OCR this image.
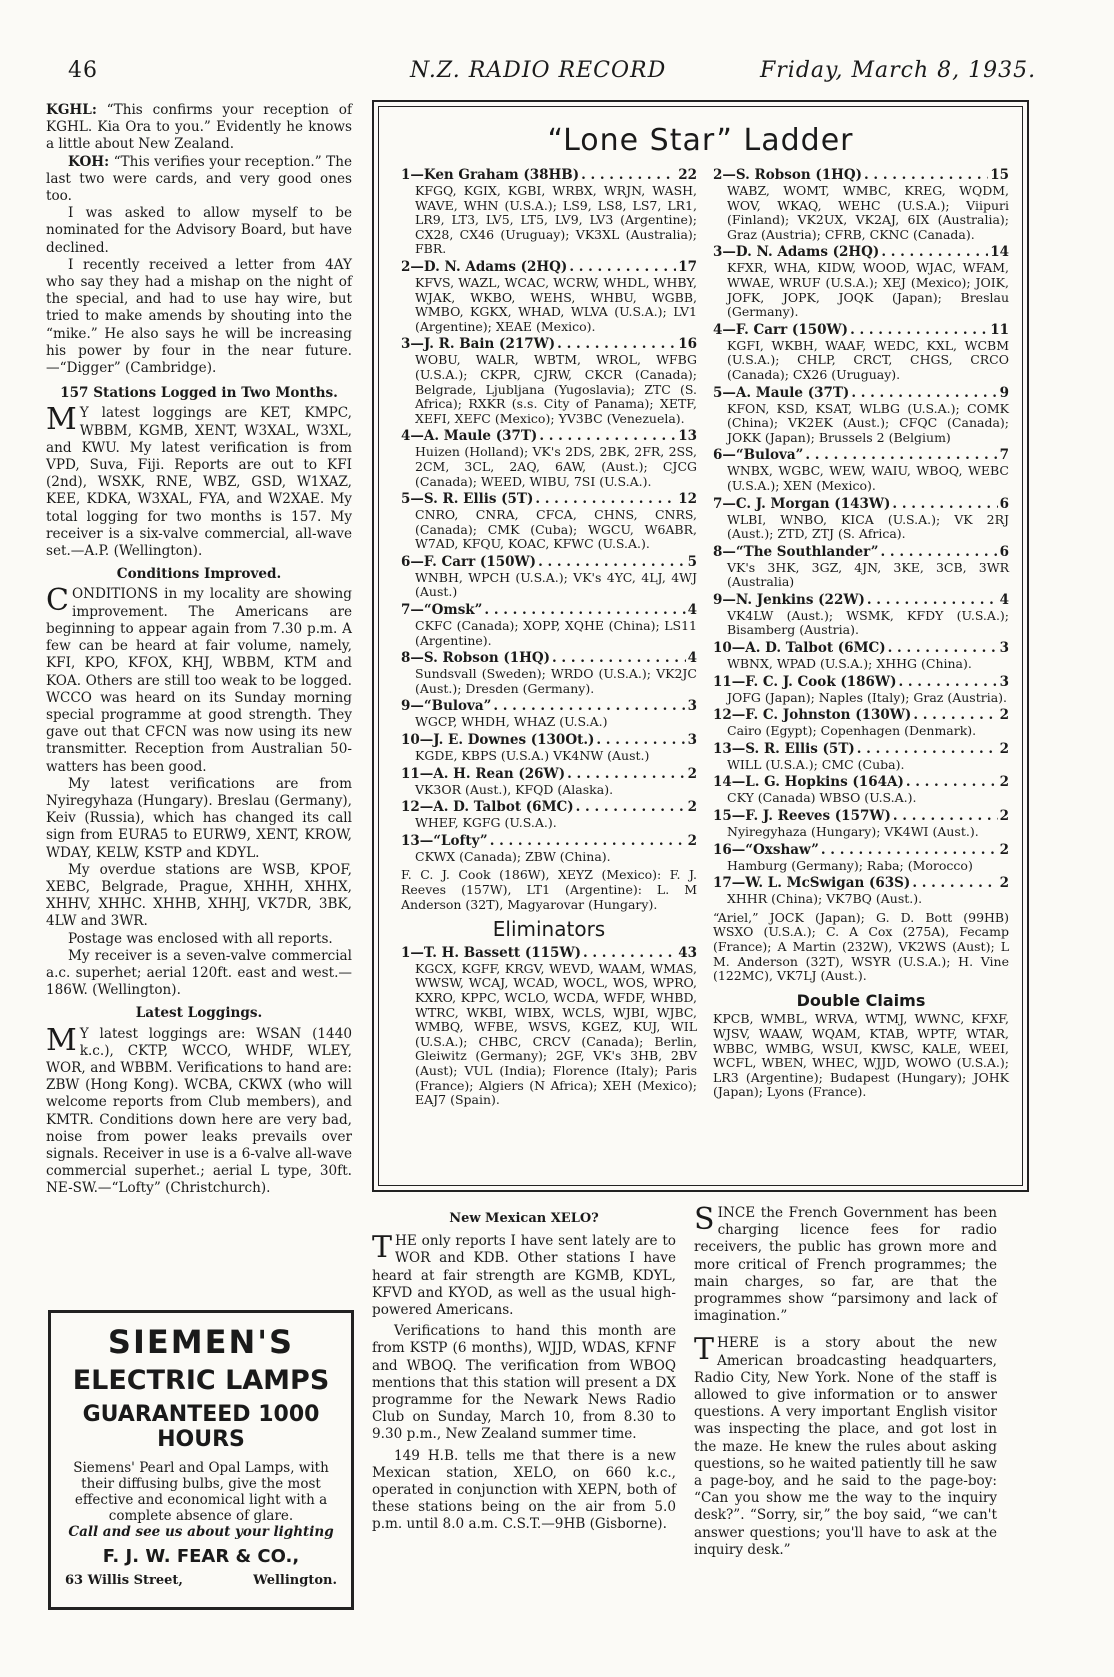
46	N.Z. RADIO RECORD	Friday, March 8, 1935.

KGHL: “This confirms your reception of KGHL. Kia Ora to you.” Evidently he knows a little about New Zealand.

KOH: “This verifies your reception.” The last two were cards, and very good ones too.

I was asked to allow myself to be nominated for the Advisory Board, but have declined.

I recently received a letter from 4AY who say they had a mishap on the night of the special, and had to use hay wire, but tried to make amends by shouting into the “mike.” He also says he will be increasing his power by four in the near future.—“Digger” (Cambridge).

157 Stations Logged in Two Months.

M Y latest loggings are KET, KMPC, WBBM, KGMB, XENT, W3XAL, W3XL, and KWU. My latest verification is from VPD, Suva, Fiji. Reports are out to KFI (2nd), WSXK, RNE, WBZ, GSD, W1XAZ, KEE, KDKA, W3XAL, FYA, and W2XAE. My total logging for two months is 157. My receiver is a six-valve commercial, all-wave set.—A.P. (Wellington).

Conditions Improved.

CONDITIONS in my locality are showing improvement. The Americans are beginning to appear again from 7.30 p.m. A few can be heard at fair volume, namely, KFI, KPO, KFOX, KHJ, WBBM, KTM and KOA. Others are still too weak to be logged. WCCO was heard on its Sunday morning special programme at good strength. They gave out that CFCN was now using its new transmitter. Reception from Australian 50-watters has been good.

My latest verifications are from Nyiregyhaza (Hungary). Breslau (Germany), Keiv (Russia), which has changed its call sign from EURA5 to EURW9, XENT, KROW, WDAY, KELW, KSTP and KDYL.

My overdue stations are WSB, KPOF, XEBC, Belgrade, Prague, XHHH, XHHX, XHHV, XHHC. XHHB, XHHJ, VK7DR, 3BK, 4LW and 3WR.

Postage was enclosed with all reports.

My receiver is a seven-valve commercial a.c. superhet; aerial 120ft. east and west.—186W. (Wellington).

Latest Loggings.

M Y latest loggings are: WSAN (1440 k.c.), CKTP, WCCO, WHDF, WLEY, WOR, and WBBM. Verifications to hand are: ZBW (Hong Kong). WCBA, CKWX (who will welcome reports from Club members), and KMTR. Conditions down here are very bad, noise from power leaks prevails over signals. Receiver in use is a 6-valve all-wave commercial superhet.; aerial L type, 30ft. NE-SW.—“Lofty” (Christchurch).

SIEMEN'S
ELECTRIC LAMPS
GUARANTEED 1000 HOURS
Siemens' Pearl and Opal Lamps, with their diffusing bulbs, give the most effective and economical light with a complete absence of glare.
Call and see us about your lighting
F. J. W. FEAR & CO.,
63 Willis Street,	Wellington.
“Lone Star” Ladder
1—Ken Graham (38HB) . . .	22
KFGQ, KGIX, KGBI, WRBX, WRJN, WASH, WAVE, WHN (U.S.A.); LS9, LS8, LS7, LR1, LR9, LT3, LV5, LT5, LV9, LV3 (Argentine); CX28, CX46 (Uruguay); VK3XL (Australia); FBR.
2—D. N. Adams (2HQ) . . .	17
KFVS, WAZL, WCAC, WCRW, WHDL, WHBY, WJAK, WKBO, WEHS, WHBU, WGBB, WMBO, KGKX, WHAD, WLVA (U.S.A.); LV1 (Argentine); XEAE (Mexico).
3—J. R. Bain (217W) . . .	16
WOBU, WALR, WBTM, WROL, WFBG (U.S.A.); CKPR, CJRW, CKCR (Canada); Belgrade, Ljubljana (Yugoslavia); ZTC (S. Africa); RXKR (s.s. City of Panama); XETF, XEFI, XEFC (Mexico); YV3BC (Venezuela).
4—A. Maule (37T) . . .	13
Huizen (Holland); VK's 2DS, 2BK, 2FR, 2SS, 2CM, 3CL, 2AQ, 6AW, (Aust.); CJCG (Canada); WEED, WIBU, 7SI (U.S.A.).
5—S. R. Ellis (5T) . . .	12
CNRO, CNRA, CFCA, CHNS, CNRS, (Canada); CMK (Cuba); WGCU, W6ABR, W7AD, KFQU, KOAC, KFWC (U.S.A.).
6—F. Carr (150W) . . .	5
WNBH, WPCH (U.S.A.); VK's 4YC, 4LJ, 4WJ (Aust.)
7—“Omsk” . . .	4
CKFC (Canada); XOPP, XQHE (China); LS11 (Argentine).
8—S. Robson (1HQ) . . .	4
Sundsvall (Sweden); WRDO (U.S.A.); VK2JC (Aust.); Dresden (Germany).
9—“Bulova” . . .	3
WGCP, WHDH, WHAZ (U.S.A.)
10—J. E. Downes (130Ot.) . . .	3
KGDE, KBPS (U.S.A.) VK4NW (Aust.)
11—A. H. Rean (26W) . . .	2
VK3OR (Aust.), KFQD (Alaska).
12—A. D. Talbot (6MC) . . .	2
WHEF, KGFG (U.S.A.).
13—“Lofty” . . .	2
CKWX (Canada); ZBW (China).
F. C. J. Cook (186W), XEYZ (Mexico): F. J. Reeves (157W), LT1 (Argentine): L. M Anderson (32T), Magyarovar (Hungary).
Eliminators
1—T. H. Bassett (115W) . . .	43
KGCX, KGFF, KRGV, WEVD, WAAM, WMAS, WWSW, WCAJ, WCAD, WOCL, WOS, WPRO, KXRO, KPPC, WCLO, WCDA, WFDF, WHBD, WTRC, WKBI, WIBX, WCLS, WJBI, WJBC, WMBQ, WFBE, WSVS, KGEZ, KUJ, WIL (U.S.A.); CHBC, CRCV (Canada); Berlin, Gleiwitz (Germany); 2GF, VK's 3HB, 2BV (Aust); VUL (India); Florence (Italy); Paris (France); Algiers (N Africa); XEH (Mexico); EAJ7 (Spain).
2—S. Robson (1HQ) . . .	15
WABZ, WOMT, WMBC, KREG, WQDM, WOV, WKAQ, WEHC (U.S.A.); Viipuri (Finland); VK2UX, VK2AJ, 6IX (Australia); Graz (Austria); CFRB, CKNC (Canada).
3—D. N. Adams (2HQ) . . .	14
KFXR, WHA, KIDW, WOOD, WJAC, WFAM, WWAE, WRUF (U.S.A.); XEJ (Mexico); JOIK, JOFK, JOPK, JOQK (Japan); Breslau (Germany).
4—F. Carr (150W) . . .	11
KGFI, WKBH, WAAF, WEDC, KXL, WCBM (U.S.A.); CHLP, CRCT, CHGS, CRCO (Canada); CX26 (Uruguay).
5—A. Maule (37T) . . .	9
KFON, KSD, KSAT, WLBG (U.S.A.); COMK (China); VK2EK (Aust.); CFQC (Canada); JOKK (Japan); Brussels 2 (Belgium)
6—“Bulova” . . .	7
WNBX, WGBC, WEW, WAIU, WBOQ, WEBC (U.S.A.); XEN (Mexico).
7—C. J. Morgan (143W) . . .	6
WLBI, WNBO, KICA (U.S.A.); VK 2RJ (Aust.); ZTD, ZTJ (S. Africa).
8—“The Southlander” . . .	6
VK's 3HK, 3GZ, 4JN, 3KE, 3CB, 3WR (Australia)
9—N. Jenkins (22W) . . .	4
VK4LW (Aust.); WSMK, KFDY (U.S.A.); Bisamberg (Austria).
10—A. D. Talbot (6MC) . . .	3
WBNX, WPAD (U.S.A.); XHHG (China).
11—F. C. J. Cook (186W) . . .	3
JOFG (Japan); Naples (Italy); Graz (Austria).
12—F. C. Johnston (130W) . . .	2
Cairo (Egypt); Copenhagen (Denmark).
13—S. R. Ellis (5T) . . .	2
WILL (U.S.A.); CMC (Cuba).
14—L. G. Hopkins (164A) . . .	2
CKY (Canada) WBSO (U.S.A.).
15—F. J. Reeves (157W) . . .	2
Nyiregyhaza (Hungary); VK4WI (Aust.).
16—“Oxshaw” . . .	2
Hamburg (Germany); Raba; (Morocco)
17—W. L. McSwigan (63S) . . .	2
XHHR (China); VK7BQ (Aust.).
“Ariel,” JOCK (Japan); G. D. Bott (99HB) WSXO (U.S.A.); C. A Cox (275A), Fecamp (France); A Martin (232W), VK2WS (Aust); L M. Anderson (32T), WSYR (U.S.A.); H. Vine (122MC), VK7LJ (Aust.).
Double Claims
KPCB, WMBL, WRVA, WTMJ, WWNC, KFXF, WJSV, WAAW, WQAM, KTAB, WPTF, WTAR, WBBC, WMBG, WSUI, KWSC, KALE, WEEI, WCFL, WBEN, WHEC, WJJD, WOWO (U.S.A.); LR3 (Argentine); Budapest (Hungary); JOHK (Japan); Lyons (France).
New Mexican XELO?

THE only reports I have sent lately are to WOR and KDB. Other stations I have heard at fair strength are KGMB, KDYL, KFVD and KYOD, as well as the usual high-powered Americans.

Verifications to hand this month are from KSTP (6 months), WJJD, WDAS, KFNF and WBOQ. The verification from WBOQ mentions that this station will present a DX programme for the Newark News Radio Club on Sunday, March 10, from 8.30 to 9.30 p.m., New Zealand summer time.

149 H.B. tells me that there is a new Mexican station, XELO, on 660 k.c., operated in conjunction with XEPN, both of these stations being on the air from 5.0 p.m. until 8.0 a.m. C.S.T.—9HB (Gisborne).

SINCE the French Government has been charging licence fees for radio receivers, the public has grown more and more critical of French programmes; the main charges, so far, are that the programmes show “parsimony and lack of imagination.”

THERE is a story about the new American broadcasting headquarters, Radio City, New York. None of the staff is allowed to give information or to answer questions. A very important English visitor was inspecting the place, and got lost in the maze. He knew the rules about asking questions, so he waited patiently till he saw a page-boy, and he said to the page-boy: “Can you show me the way to the inquiry desk?”. “Sorry, sir,” the boy said, “we can't answer questions; you'll have to ask at the inquiry desk.”
